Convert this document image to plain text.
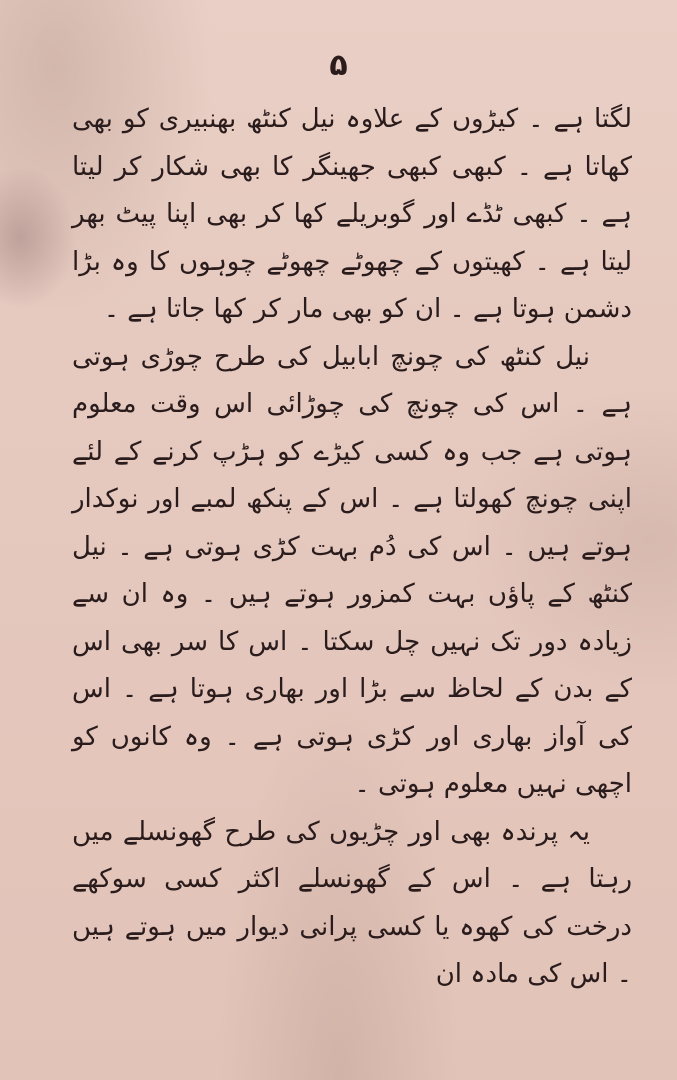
۵

لگتا ہے ۔ کیڑوں کے علاوہ نیل کنٹھ بھنبیری کو بھی کھاتا ہے ۔ کبھی کبھی جھینگر کا بھی شکار کر لیتا ہے ۔ کبھی ٹڈے اور گوبریلے کھا کر بھی اپنا پیٹ بھر لیتا ہے ۔ کھیتوں کے چھوٹے چھوٹے چوہوں کا وہ بڑا دشمن ہوتا ہے ۔ ان کو بھی مار کر کھا جاتا ہے ۔

نیل کنٹھ کی چونچ ابابیل کی طرح چوڑی ہوتی ہے ۔ اس کی چونچ کی چوڑائی اس وقت معلوم ہوتی ہے جب وہ کسی کیڑے کو ہڑپ کرنے کے لئے اپنی چونچ کھولتا ہے ۔ اس کے پنکھ لمبے اور نوکدار ہوتے ہیں ۔ اس کی دُم بہت کڑی ہوتی ہے ۔ نیل کنٹھ کے پاؤں بہت کمزور ہوتے ہیں ۔ وہ ان سے زیادہ دور تک نہیں چل سکتا ۔ اس کا سر بھی اس کے بدن کے لحاظ سے بڑا اور بھاری ہوتا ہے ۔ اس کی آواز بھاری اور کڑی ہوتی ہے ۔ وہ کانوں کو اچھی نہیں معلوم ہوتی ۔

یہ پرندہ بھی اور چڑیوں کی طرح گھونسلے میں رہتا ہے ۔ اس کے گھونسلے اکثر کسی سوکھے درخت کی کھوہ یا کسی پرانی دیوار میں ہوتے ہیں ۔ اس کی مادہ ان
